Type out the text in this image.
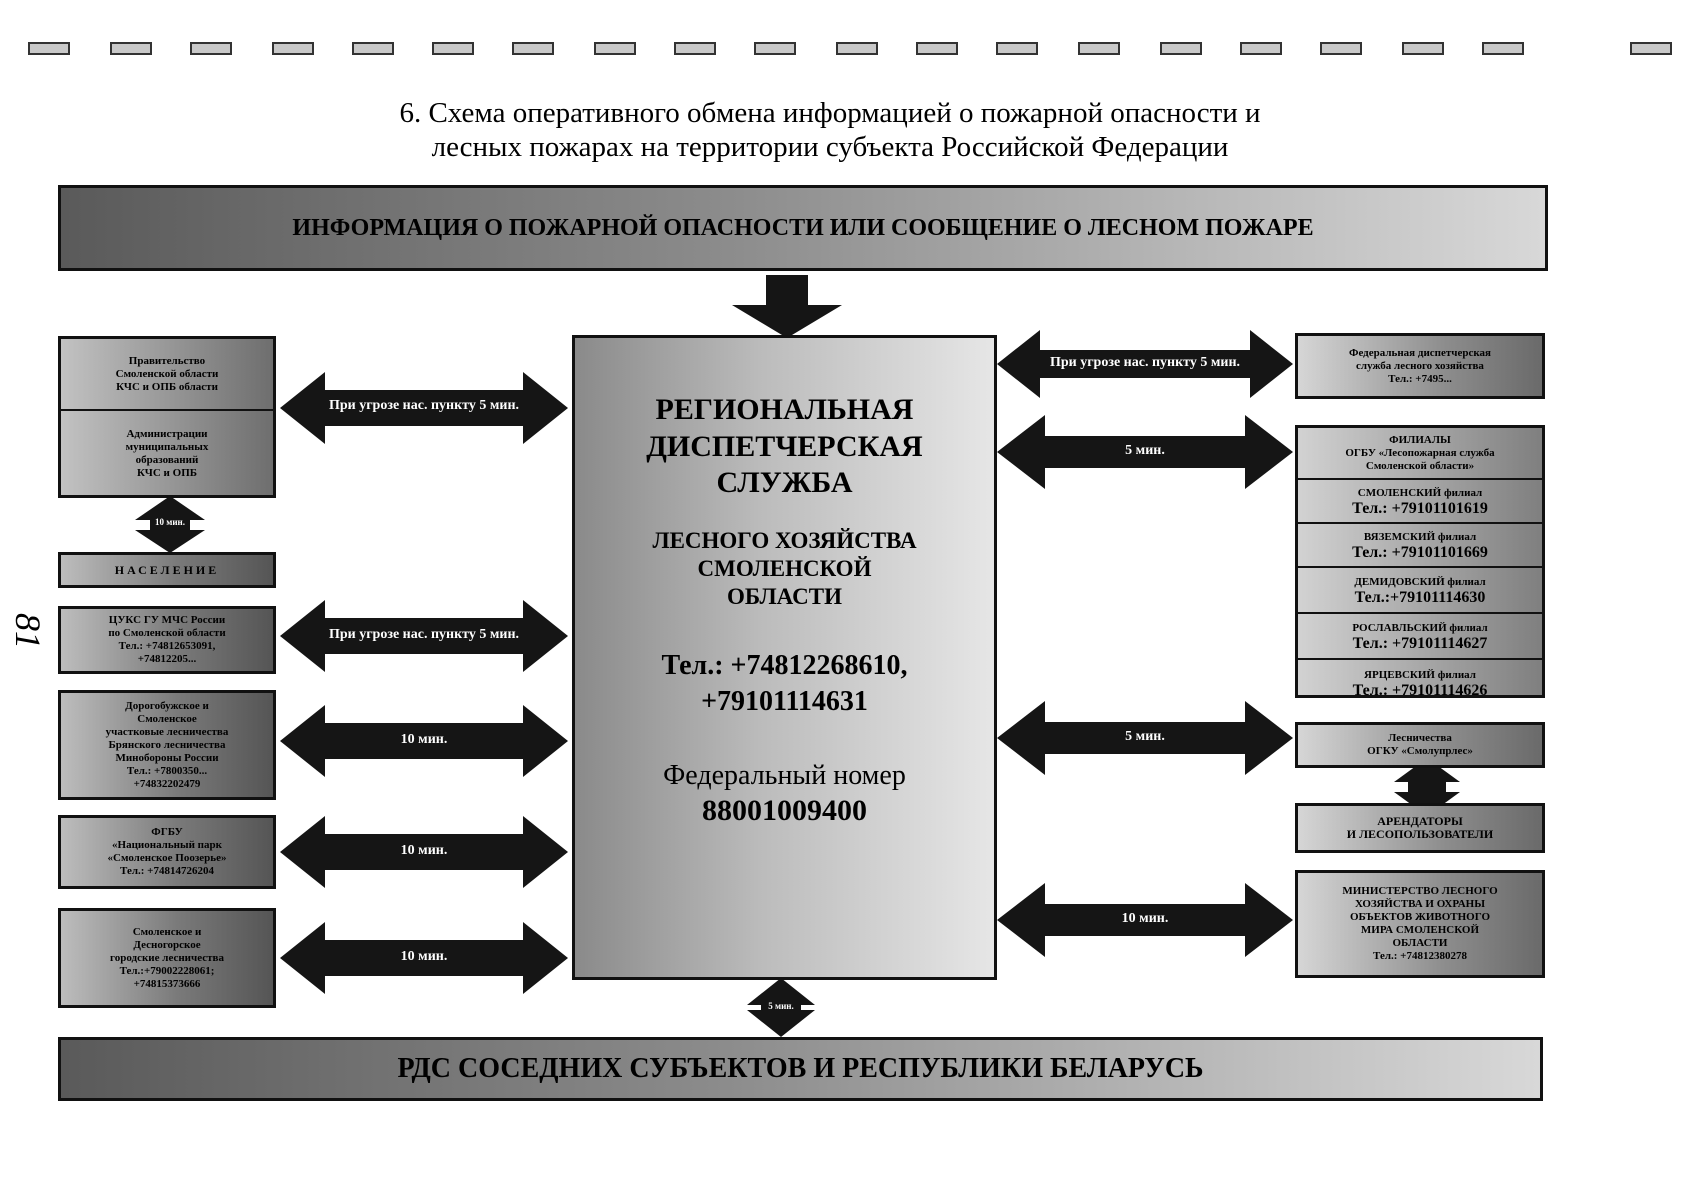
6. Схема оперативного обмена информацией о пожарной опасности и
лесных пожарах на территории субъекта Российской Федерации
При угрозе нас. пункту 5 мин.
При угрозе нас. пункту 5 мин.
10 мин.
10 мин.
10 мин.
При угрозе нас. пункту 5 мин.
5 мин.
5 мин.
10 мин.
10 мин.
5 мин.
ИНФОРМАЦИЯ О ПОЖАРНОЙ ОПАСНОСТИ ИЛИ СООБЩЕНИЕ О ЛЕСНОМ ПОЖАРЕ
РЕГИОНАЛЬНАЯ
ДИСПЕТЧЕРСКАЯ
СЛУЖБА
ЛЕСНОГО ХОЗЯЙСТВА
СМОЛЕНСКОЙ
ОБЛАСТИ
Тел.: +74812268610,
+79101114631
Федеральный номер
88001009400
РДС СОСЕДНИХ СУБЪЕКТОВ И РЕСПУБЛИКИ БЕЛАРУСЬ
Правительство
Смоленской области
КЧС и ОПБ области
Администрации
муниципальных
образований
КЧС и ОПБ
НАСЕЛЕНИЕ
ЦУКС ГУ МЧС России
по Смоленской области
Тел.: +74812653091,
+74812205...
Дорогобужское и
Смоленское
участковые лесничества
Брянского лесничества
Минобороны России
Тел.: +7800350...
+74832202479
ФГБУ
«Национальный парк
«Смоленское Поозерье»
Тел.: +74814726204
Смоленское и
Десногорское
городские лесничества
Тел.:+79002228061;
+74815373666
Федеральная диспетчерская
служба лесного хозяйства
Тел.: +7495...
ФИЛИАЛЫ
ОГБУ «Лесопожарная служба
Смоленской области»
СМОЛЕНСКИЙ филиал
Тел.: +79101101619
ВЯЗЕМСКИЙ филиал
Тел.: +79101101669
ДЕМИДОВСКИЙ филиал
Тел.:+79101114630
РОСЛАВЛЬСКИЙ филиал
Тел.: +79101114627
ЯРЦЕВСКИЙ филиал
Тел.: +79101114626
Лесничества
ОГКУ «Смолупрлес»
АРЕНДАТОРЫ
И ЛЕСОПОЛЬЗОВАТЕЛИ
МИНИСТЕРСТВО ЛЕСНОГО
ХОЗЯЙСТВА И ОХРАНЫ
ОБЪЕКТОВ ЖИВОТНОГО
МИРА СМОЛЕНСКОЙ
ОБЛАСТИ
Тел.: +74812380278
81
